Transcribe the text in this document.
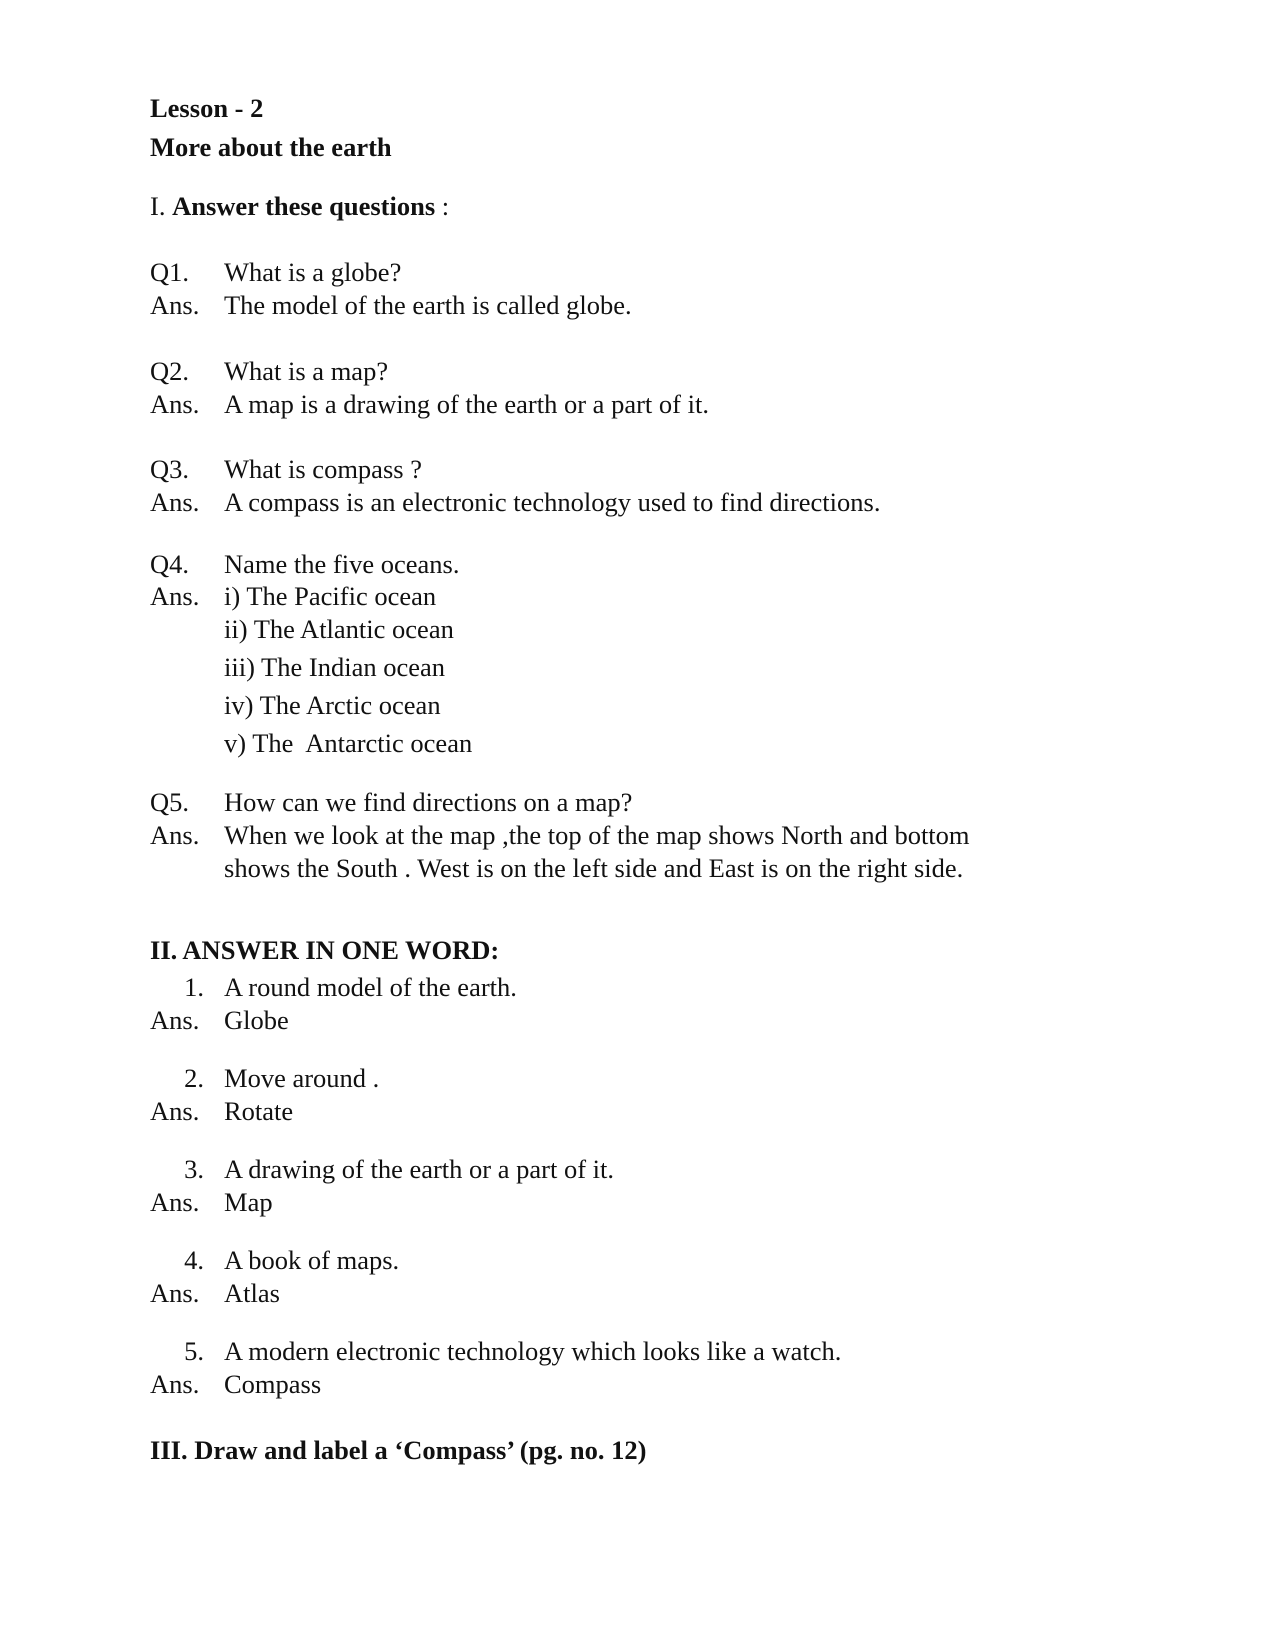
Lesson - 2
More about the earth
I. Answer these questions :
Q1. What is a globe?
Ans. The model of the earth is called globe.
Q2. What is a map?
Ans. A map is a drawing of the earth or a part of it.
Q3. What is compass ?
Ans. A compass is an electronic technology used to find directions.
Q4. Name the five oceans.
Ans. i) The Pacific ocean
ii) The Atlantic ocean
iii) The Indian ocean
iv) The Arctic ocean
v) The  Antarctic ocean
Q5. How can we find directions on a map?
Ans. When we look at the map ,the top of the map shows North and bottom
shows the South . West is on the left side and East is on the right side.
II. ANSWER IN ONE WORD:
1. A round model of the earth.
Ans. Globe
2. Move around .
Ans. Rotate
3. A drawing of the earth or a part of it.
Ans. Map
4. A book of maps.
Ans. Atlas
5. A modern electronic technology which looks like a watch.
Ans. Compass
III. Draw and label a ‘Compass’ (pg. no. 12)
